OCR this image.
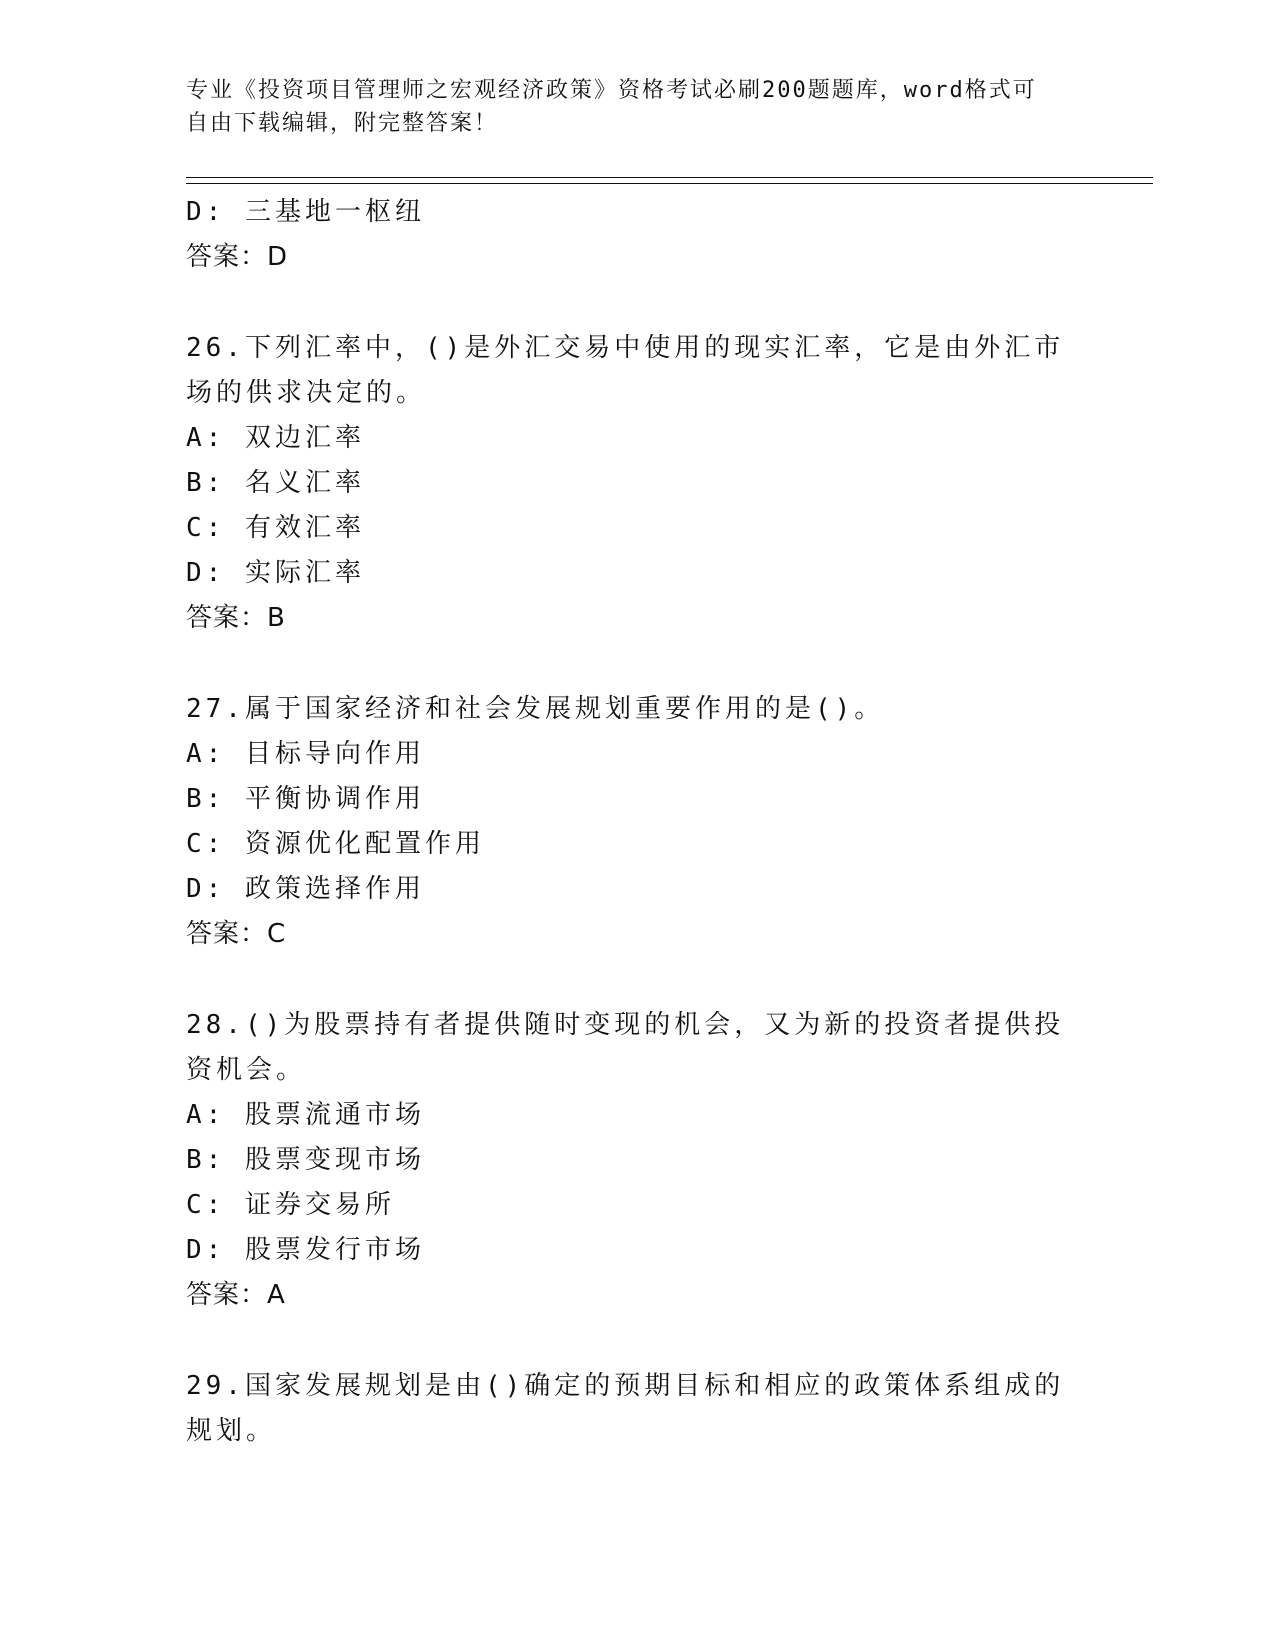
专业《投资项目管理师之宏观经济政策》资格考试必刷200题题库，word格式可
自由下载编辑，附完整答案！
D: 三基地一枢纽
答案：D
26.下列汇率中，()是外汇交易中使用的现实汇率，它是由外汇市场的供求决定的。
A: 双边汇率
B: 名义汇率
C: 有效汇率
D: 实际汇率
答案：B
27.属于国家经济和社会发展规划重要作用的是()。
A: 目标导向作用
B: 平衡协调作用
C: 资源优化配置作用
D: 政策选择作用
答案：C
28.()为股票持有者提供随时变现的机会，又为新的投资者提供投资机会。
A: 股票流通市场
B: 股票变现市场
C: 证券交易所
D: 股票发行市场
答案：A
29.国家发展规划是由()确定的预期目标和相应的政策体系组成的规划。
